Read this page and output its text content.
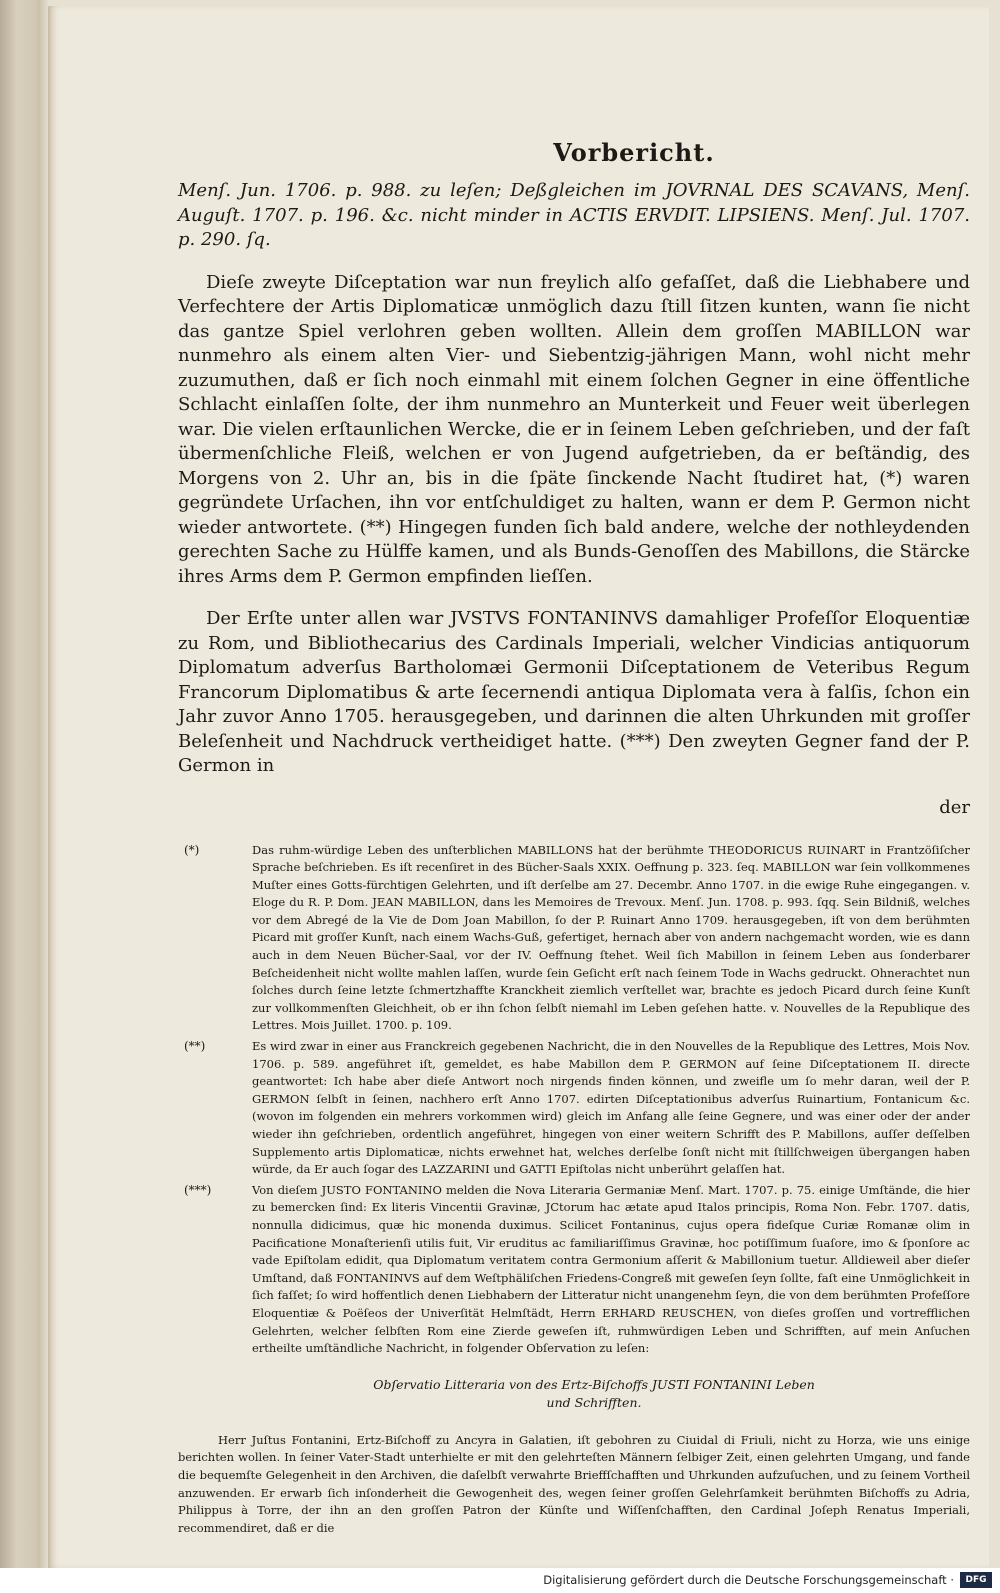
Vorbericht.

Menſ. Jun. 1706. p. 988. zu leſen; Deßgleichen im JOVRNAL DES SCAVANS, Menſ. Auguſt. 1707. p. 196. &c. nicht minder in ACTIS ERVDIT. LIPSIENS. Menſ. Jul. 1707. p. 290. ſq.

Dieſe zweyte Diſceptation war nun freylich alſo gefaſſet, daß die Liebhabere und Verfechtere der Artis Diplomaticæ unmöglich dazu ſtill ſitzen kunten, wann ſie nicht das gantze Spiel verlohren geben wollten. Allein dem groſſen MABILLON war nunmehro als einem alten Vier- und Siebentzig-jährigen Mann, wohl nicht mehr zuzumuthen, daß er ſich noch einmahl mit einem ſolchen Gegner in eine öffentliche Schlacht einlaſſen ſolte, der ihm nunmehro an Munterkeit und Feuer weit überlegen war. Die vielen erſtaunlichen Wercke, die er in ſeinem Leben geſchrieben, und der faſt übermenſchliche Fleiß, welchen er von Jugend aufgetrieben, da er beſtändig, des Morgens von 2. Uhr an, bis in die ſpäte ſinckende Nacht ſtudiret hat, (*) waren gegründete Urſachen, ihn vor entſchuldiget zu halten, wann er dem P. Germon nicht wieder antwortete. (**) Hingegen funden ſich bald andere, welche der nothleydenden gerechten Sache zu Hülffe kamen, und als Bunds-Genoſſen des Mabillons, die Stärcke ihres Arms dem P. Germon empfinden lieſſen.

Der Erſte unter allen war JVSTVS FONTANINVS damahliger Profeſſor Eloquentiæ zu Rom, und Bibliothecarius des Cardinals Imperiali, welcher Vindicias antiquorum Diplomatum adverſus Bartholomæi Germonii Diſceptationem de Veteribus Regum Francorum Diplomatibus & arte ſecernendi antiqua Diplomata vera à falſis, ſchon ein Jahr zuvor Anno 1705. herausgegeben, und darinnen die alten Uhrkunden mit groſſer Beleſenheit und Nachdruck vertheidiget hatte. (***) Den zweyten Gegner fand der P. Germon in

der

(*)	Das ruhm-würdige Leben des unſterblichen MABILLONS hat der berühmte THEODORICUS RUINART in Frantzöſiſcher Sprache beſchrieben. Es iſt recenſiret in des Bücher-Saals XXIX. Oeffnung p. 323. ſeq. MABILLON war ſein vollkommenes Muſter eines Gotts-fürchtigen Gelehrten, und iſt derſelbe am 27. Decembr. Anno 1707. in die ewige Ruhe eingegangen. v. Eloge du R. P. Dom. JEAN MABILLON, dans les Memoires de Trevoux. Menſ. Jun. 1708. p. 993. ſqq. Sein Bildniß, welches vor dem Abregé de la Vie de Dom Joan Mabillon, ſo der P. Ruinart Anno 1709. herausgegeben, iſt von dem berühmten Picard mit groſſer Kunſt, nach einem Wachs-Guß, gefertiget, hernach aber von andern nachgemacht worden, wie es dann auch in dem Neuen Bücher-Saal, vor der IV. Oeffnung ſtehet. Weil ſich Mabillon in ſeinem Leben aus ſonderbarer Beſcheidenheit nicht wollte mahlen laſſen, wurde ſein Geſicht erſt nach ſeinem Tode in Wachs gedruckt. Ohnerachtet nun ſolches durch ſeine letzte ſchmertzhaffte Kranckheit ziemlich verſtellet war, brachte es jedoch Picard durch ſeine Kunſt zur vollkommenſten Gleichheit, ob er ihn ſchon ſelbſt niemahl im Leben geſehen hatte. v. Nouvelles de la Republique des Lettres. Mois Juillet. 1700. p. 109.
(**)	Es wird zwar in einer aus Franckreich gegebenen Nachricht, die in den Nouvelles de la Republique des Lettres, Mois Nov. 1706. p. 589. angeführet iſt, gemeldet, es habe Mabillon dem P. GERMON auf ſeine Diſceptationem II. directe geantwortet: Ich habe aber dieſe Antwort noch nirgends finden können, und zweifle um ſo mehr daran, weil der P. GERMON ſelbſt in ſeinen, nachhero erſt Anno 1707. edirten Diſceptationibus adverſus Ruinartium, Fontanicum &c. (wovon im folgenden ein mehrers vorkommen wird) gleich im Anfang alle ſeine Gegnere, und was einer oder der ander wieder ihn geſchrieben, ordentlich angeführet, hingegen von einer weitern Schrifft des P. Mabillons, auſſer deſſelben Supplemento artis Diplomaticæ, nichts erwehnet hat, welches derſelbe ſonſt nicht mit ſtillſchweigen übergangen haben würde, da Er auch ſogar des LAZZARINI und GATTI Epiſtolas nicht unberührt gelaſſen hat.
(***)	Von dieſem JUSTO FONTANINO melden die Nova Literaria Germaniæ Menſ. Mart. 1707. p. 75. einige Umſtände, die hier zu bemercken ſind: Ex literis Vincentii Gravinæ, JCtorum hac ætate apud Italos principis, Roma Non. Febr. 1707. datis, nonnulla didicimus, quæ hic monenda duximus. Scilicet Fontaninus, cujus opera fideſque Curiæ Romanæ olim in Pacificatione Monaſterienſi utilis fuit, Vir eruditus ac familiariſſimus Gravinæ, hoc potiſſimum ſuaſore, imo & ſponſore ac vade Epiſtolam edidit, qua Diplomatum veritatem contra Germonium aſſerit & Mabillonium tuetur. Alldieweil aber dieſer Umſtand, daß FONTANINVS auf dem Weſtphäliſchen Friedens-Congreß mit geweſen ſeyn ſollte, faſt eine Unmöglichkeit in ſich faſſet; ſo wird hoffentlich denen Liebhabern der Litteratur nicht unangenehm ſeyn, die von dem berühmten Profeſſore Eloquentiæ & Poëſeos der Univerſität Helmſtädt, Herrn ERHARD REUSCHEN, von dieſes groſſen und vortrefflichen Gelehrten, welcher ſelbſten Rom eine Zierde geweſen iſt, ruhmwürdigen Leben und Schrifften, auf mein Anſuchen ertheilte umſtändliche Nachricht, in folgender Obſervation zu leſen:
Obſervatio Litteraria von des Ertz-Biſchoffs JUSTI FONTANINI Leben
und Schrifften.

Herr Juſtus Fontanini, Ertz-Biſchoff zu Ancyra in Galatien, iſt gebohren zu Ciuidal di Friuli, nicht zu Horza, wie uns einige berichten wollen. In ſeiner Vater-Stadt unterhielte er mit den gelehrteſten Männern ſelbiger Zeit, einen gelehrten Umgang, und fande die bequemſte Gelegenheit in den Archiven, die daſelbſt verwahrte Brieffſchafften und Uhrkunden aufzuſuchen, und zu ſeinem Vortheil anzuwenden. Er erwarb ſich inſonderheit die Gewogenheit des, wegen ſeiner groſſen Gelehrſamkeit berühmten Biſchoffs zu Adria, Philippus à Torre, der ihn an den groſſen Patron der Künſte und Wiſſenſchafften, den Cardinal Joſeph Renatus Imperiali, recommendiret, daß er die

Digitalisierung gefördert durch die Deutsche Forschungsgemeinschaft ·	DFG
